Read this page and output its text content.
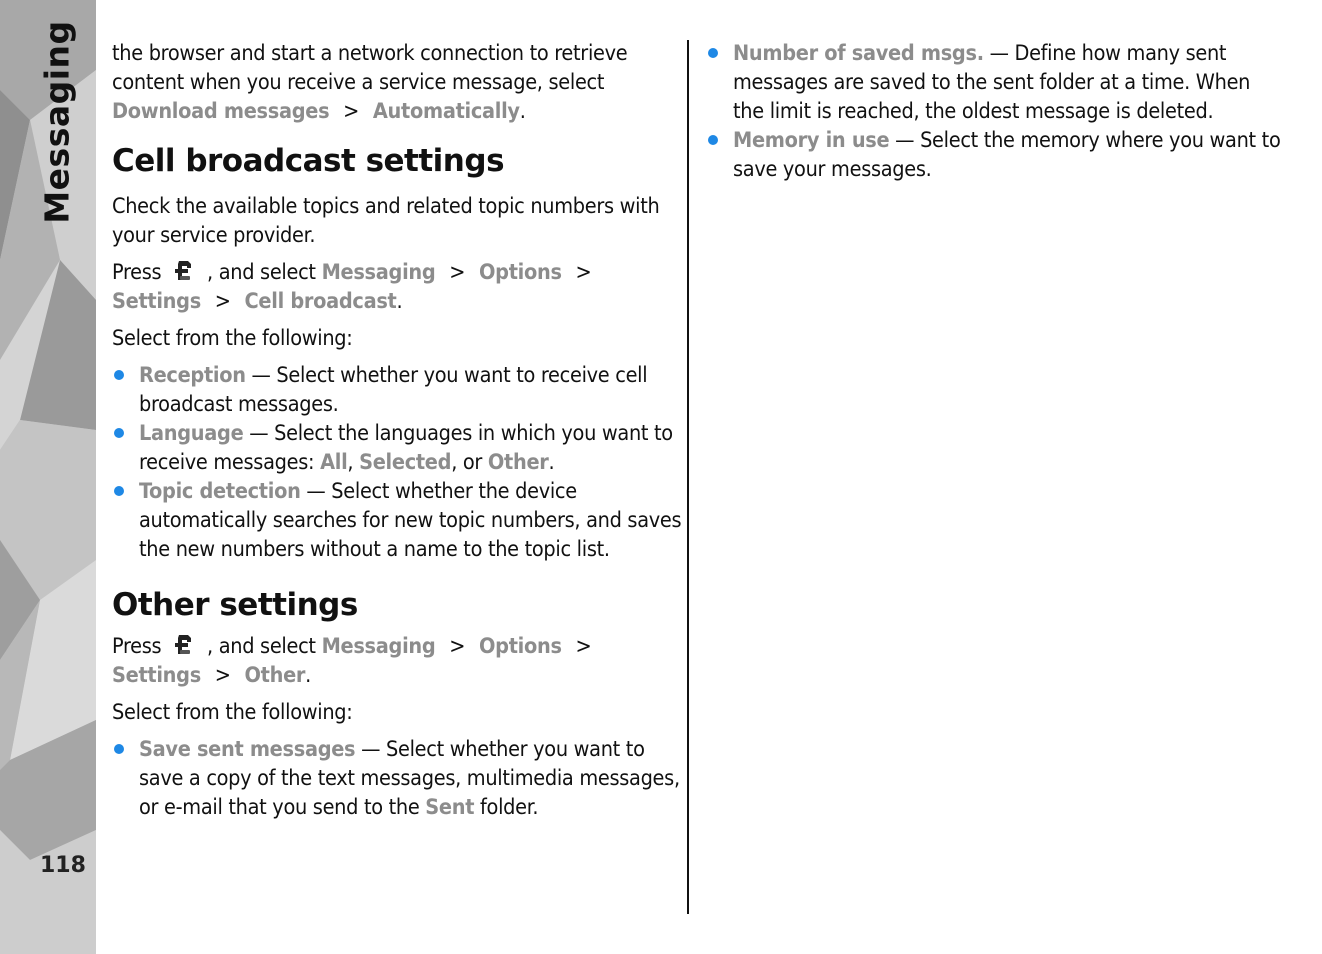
Messaging
118

the browser and start a network connection to retrieve content when you receive a service message, select Download messages > Automatically.

Cell broadcast settings

Check the available topics and related topic numbers with your service provider.

Press , and select Messaging > Options > Settings > Cell broadcast.

Select from the following:

Reception — Select whether you want to receive cell broadcast messages.
Language — Select the languages in which you want to receive messages: All, Selected, or Other.
Topic detection — Select whether the device automatically searches for new topic numbers, and saves the new numbers without a name to the topic list.
Other settings

Press , and select Messaging > Options > Settings > Other.

Select from the following:

Save sent messages — Select whether you want to save a copy of the text messages, multimedia messages, or e-mail that you send to the Sent folder.
Number of saved msgs. — Define how many sent messages are saved to the sent folder at a time. When the limit is reached, the oldest message is deleted.
Memory in use — Select the memory where you want to save your messages.
